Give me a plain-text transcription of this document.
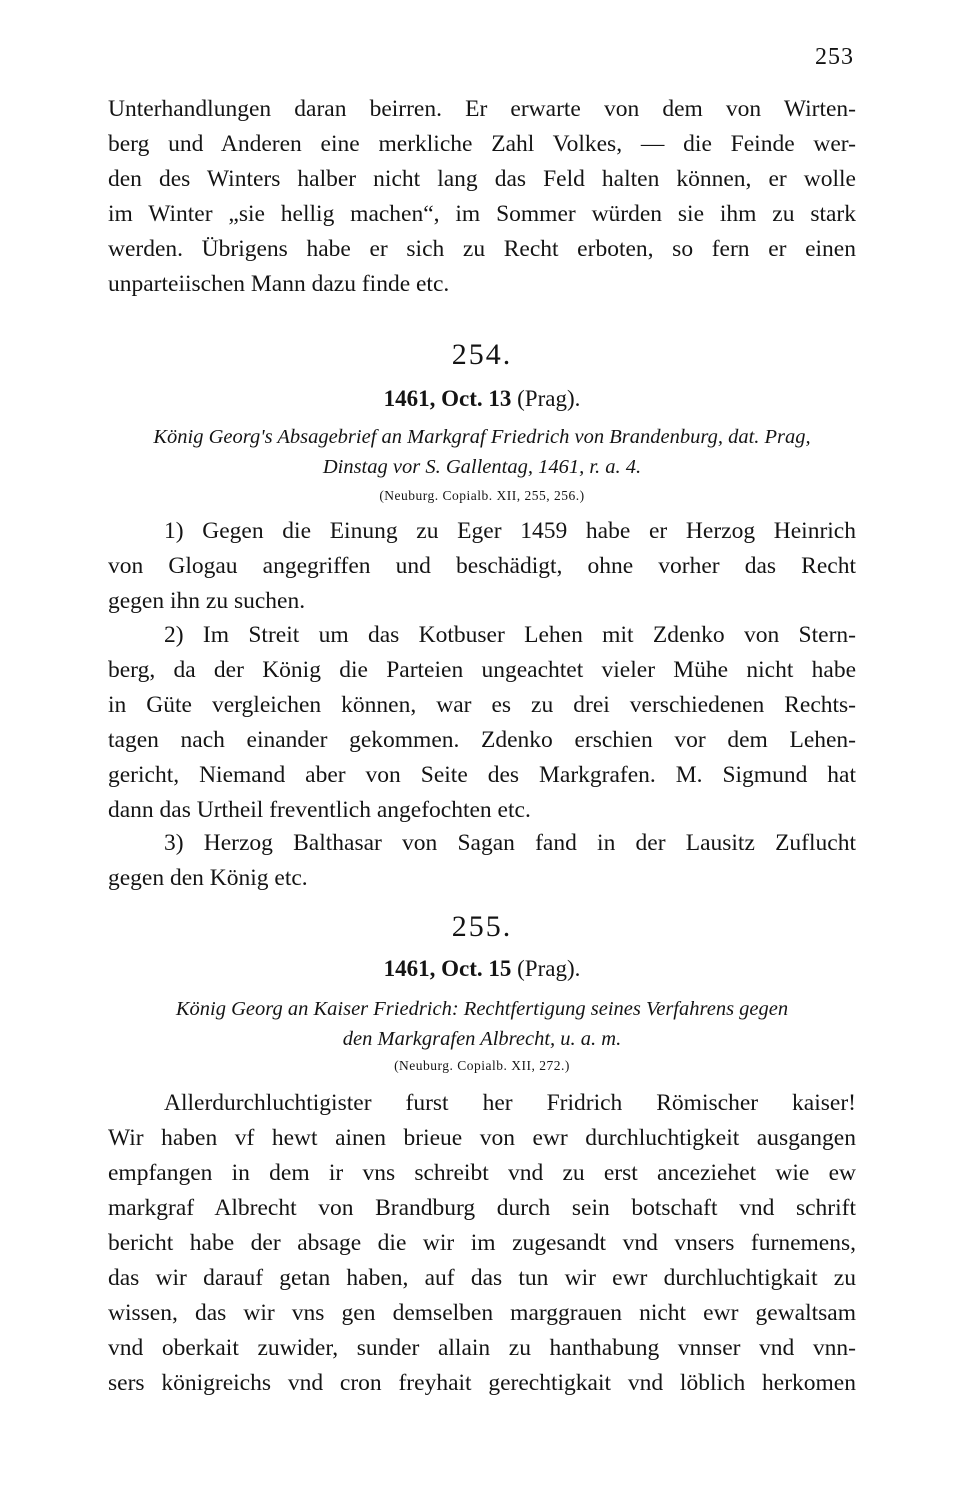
253
Unterhandlungen daran beirren. Er erwarte von dem von Wirten-
berg und Anderen eine merkliche Zahl Volkes, — die Feinde wer-
den des Winters halber nicht lang das Feld halten können, er wolle
im Winter „sie hellig machen“, im Sommer würden sie ihm zu stark
werden. Übrigens habe er sich zu Recht erboten, so fern er einen
unparteiischen Mann dazu finde etc.
254.
1461, Oct. 13 (Prag).
König Georg's Absagebrief an Markgraf Friedrich von Brandenburg, dat. Prag,
Dinstag vor S. Gallentag, 1461, r. a. 4.
(Neuburg. Copialb. XII, 255, 256.)
1) Gegen die Einung zu Eger 1459 habe er Herzog Heinrich
von Glogau angegriffen und beschädigt, ohne vorher das Recht
gegen ihn zu suchen.
2) Im Streit um das Kotbuser Lehen mit Zdenko von Stern-
berg, da der König die Parteien ungeachtet vieler Mühe nicht habe
in Güte vergleichen können, war es zu drei verschiedenen Rechts-
tagen nach einander gekommen. Zdenko erschien vor dem Lehen-
gericht, Niemand aber von Seite des Markgrafen. M. Sigmund hat
dann das Urtheil freventlich angefochten etc.
3) Herzog Balthasar von Sagan fand in der Lausitz Zuflucht
gegen den König etc.
255.
1461, Oct. 15 (Prag).
König Georg an Kaiser Friedrich: Rechtfertigung seines Verfahrens gegen
den Markgrafen Albrecht, u. a. m.
(Neuburg. Copialb. XII, 272.)
Allerdurchluchtigister furst her Fridrich Römischer kaiser!
Wir haben vf hewt ainen brieue von ewr durchluchtigkeit ausgangen
empfangen in dem ir vns schreibt vnd zu erst anceziehet wie ew
markgraf Albrecht von Brandburg durch sein botschaft vnd schrift
bericht habe der absage die wir im zugesandt vnd vnsers furnemens,
das wir darauf getan haben, auf das tun wir ewr durchluchtigkait zu
wissen, das wir vns gen demselben marggrauen nicht ewr gewaltsam
vnd oberkait zuwider, sunder allain zu hanthabung vnnser vnd vnn-
sers königreichs vnd cron freyhait gerechtigkait vnd löblich herkomen
